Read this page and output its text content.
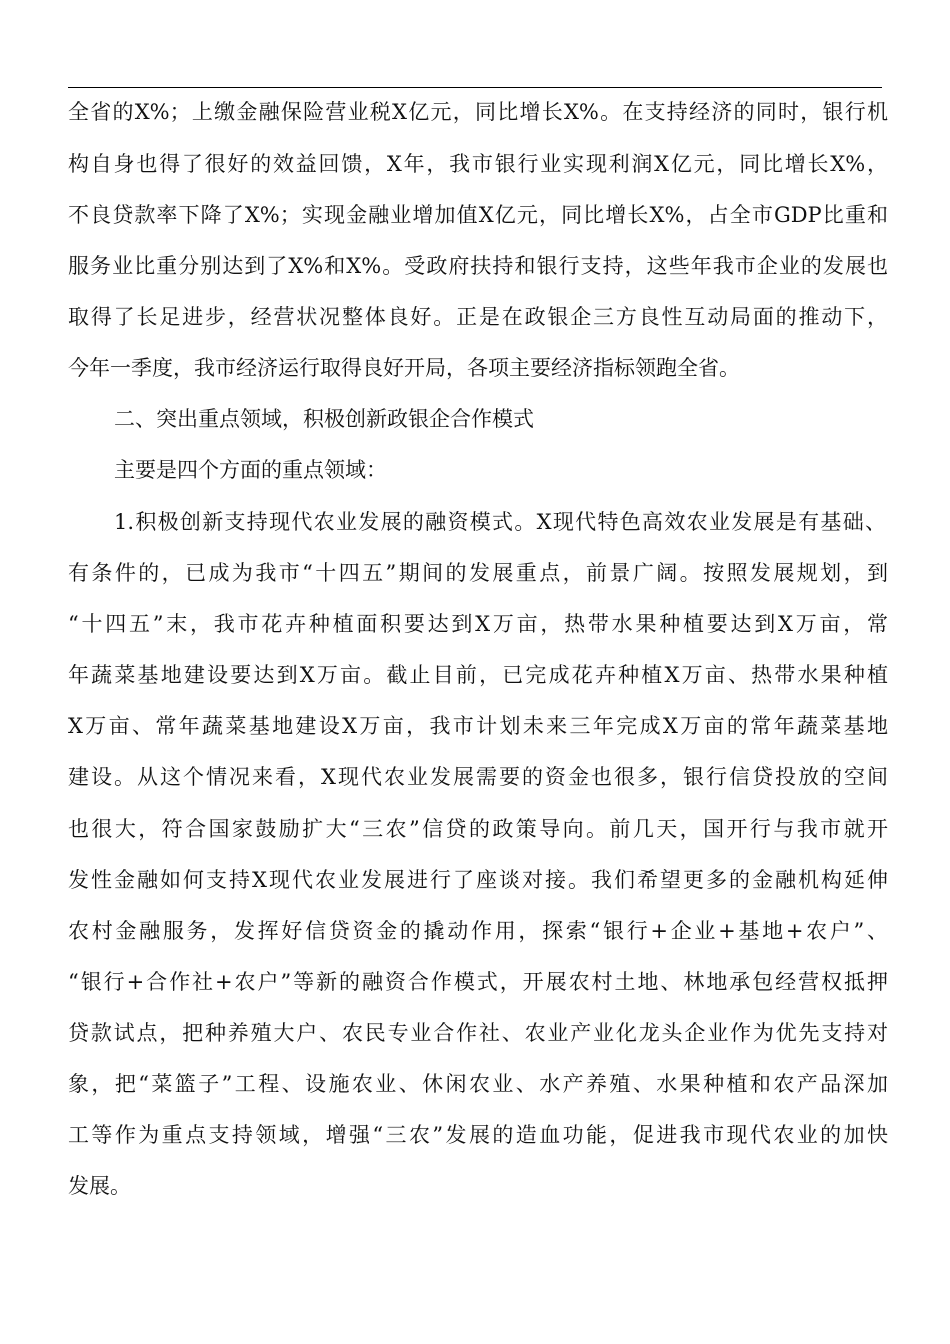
全省的X%；上缴金融保险营业税X亿元，同比增长X%。在支持经济的同时，银行机
构自身也得了很好的效益回馈，X年，我市银行业实现利润X亿元，同比增长X%，
不良贷款率下降了X%；实现金融业增加值X亿元，同比增长X%，占全市GDP比重和
服务业比重分别达到了X%和X%。受政府扶持和银行支持，这些年我市企业的发展也
取得了长足进步，经营状况整体良好。正是在政银企三方良性互动局面的推动下，
今年一季度，我市经济运行取得良好开局，各项主要经济指标领跑全省。
二、突出重点领域，积极创新政银企合作模式
主要是四个方面的重点领域：
1.积极创新支持现代农业发展的融资模式。X现代特色高效农业发展是有基础、
有条件的，已成为我市“十四五”期间的发展重点，前景广阔。按照发展规划，到
“十四五”末，我市花卉种植面积要达到X万亩，热带水果种植要达到X万亩，常
年蔬菜基地建设要达到X万亩。截止目前，已完成花卉种植X万亩、热带水果种植
X万亩、常年蔬菜基地建设X万亩，我市计划未来三年完成X万亩的常年蔬菜基地
建设。从这个情况来看，X现代农业发展需要的资金也很多，银行信贷投放的空间
也很大，符合国家鼓励扩大“三农”信贷的政策导向。前几天，国开行与我市就开
发性金融如何支持X现代农业发展进行了座谈对接。我们希望更多的金融机构延伸
农村金融服务，发挥好信贷资金的撬动作用，探索“银行+企业+基地+农户”、
“银行+合作社+农户”等新的融资合作模式，开展农村土地、林地承包经营权抵押
贷款试点，把种养殖大户、农民专业合作社、农业产业化龙头企业作为优先支持对
象，把“菜篮子”工程、设施农业、休闲农业、水产养殖、水果种植和农产品深加
工等作为重点支持领域，增强“三农”发展的造血功能，促进我市现代农业的加快
发展。
